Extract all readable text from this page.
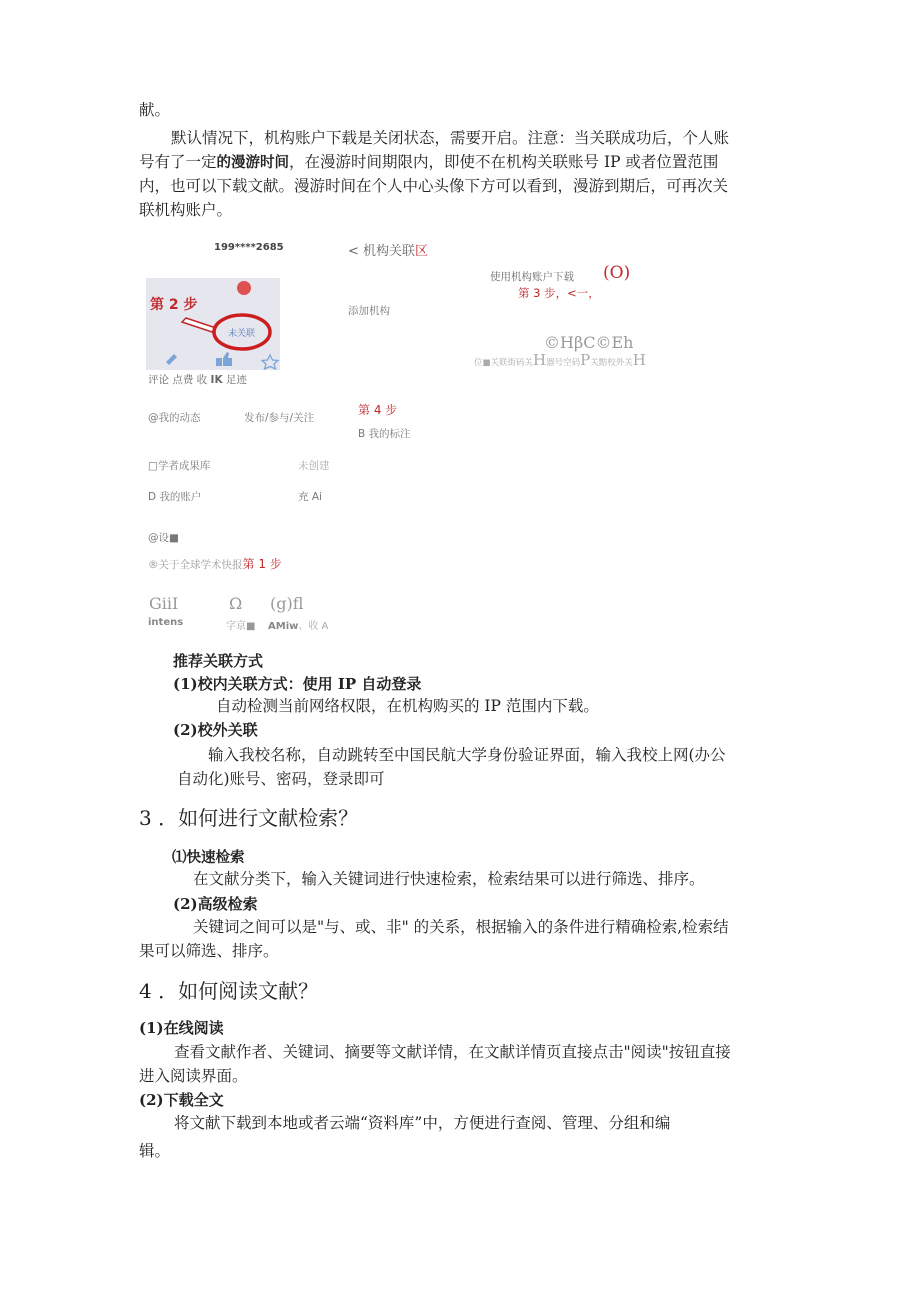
献。
默认情况下，机构账户下载是关闭状态，需要开启。注意：当关联成功后，个人账
号有了一定的漫游时间，在漫游时间期限内，即使不在机构关联账号 IP 或者位置范围
内，也可以下载文献。漫游时间在个人中心头像下方可以看到，漫游到期后，可再次关
联机构账户。
199****2685	< 机构关联区
使用机构账户下载 (O)
第 3 步，<一，
添加机构
©HβC©Eh
位■关联街码关H器号空码P关黠校外关H
第 2 步
未关联
评论 点费 收 IK 足迹
@我的动态	发布/参与/关注
第 4 步
B 我的标注
□学者成果库	未创建
D 我的账户	充 Ai
@设■
®关于全球学术快报第 1 步
GiiI
intens
Ω
字京■
(g)fl
AMiw、收 A
推荐关联方式
(1)校内关联方式：使用 IP 自动登录
自动检测当前网络权限，在机构购买的 IP 范围内下载。
(2)校外关联
输入我校名称，自动跳转至中国民航大学身份验证界面，输入我校上网(办公
自动化)账号、密码，登录即可
3 ．如何进行文献检索？
⑴快速检索
在文献分类下，输入关键词进行快速检索，检索结果可以进行筛选、排序。
(2)高级检索
关键词之间可以是"与、或、非" 的关系，根据输入的条件进行精确检索,检索结
果可以筛选、排序。
4 ．如何阅读文献？
(1)在线阅读
查看文献作者、关键词、摘要等文献详情，在文献详情页直接点击"阅读"按钮直接
进入阅读界面。
(2)下载全文
将文献下载到本地或者云端“资料库”中，方便进行查阅、管理、分组和编
辑。
